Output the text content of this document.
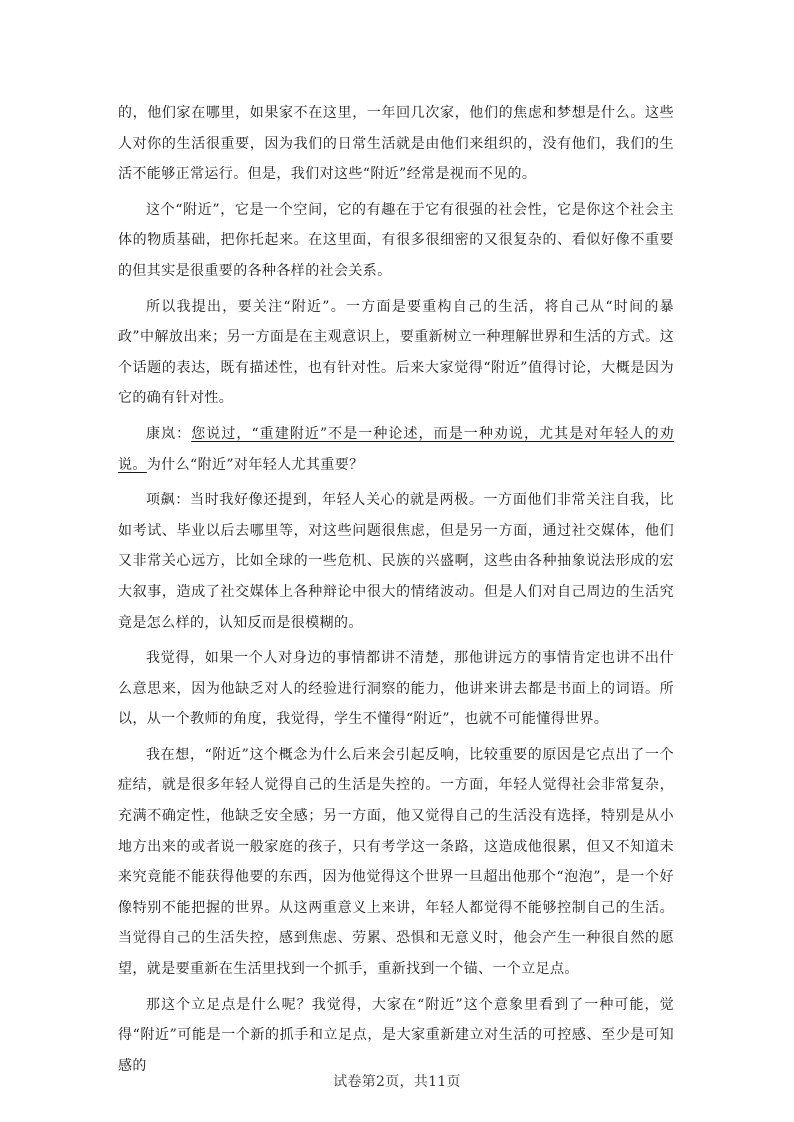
的，他们家在哪里，如果家不在这里，一年回几次家，他们的焦虑和梦想是什么。这些人对你的生活很重要，因为我们的日常生活就是由他们来组织的，没有他们，我们的生活不能够正常运行。但是，我们对这些“附近”经常是视而不见的。

这个“附近”，它是一个空间，它的有趣在于它有很强的社会性，它是你这个社会主体的物质基础，把你托起来。在这里面，有很多很细密的又很复杂的、看似好像不重要的但其实是很重要的各种各样的社会关系。

所以我提出，要关注“附近”。一方面是要重构自己的生活，将自己从“时间的暴政”中解放出来；另一方面是在主观意识上，要重新树立一种理解世界和生活的方式。这个话题的表达，既有描述性，也有针对性。后来大家觉得“附近”值得讨论，大概是因为它的确有针对性。

康岚：您说过，“重建附近”不是一种论述，而是一种劝说，尤其是对年轻人的劝说。为什么“附近”对年轻人尤其重要？

项飙：当时我好像还提到，年轻人关心的就是两极。一方面他们非常关注自我，比如考试、毕业以后去哪里等，对这些问题很焦虑，但是另一方面，通过社交媒体，他们又非常关心远方，比如全球的一些危机、民族的兴盛啊，这些由各种抽象说法形成的宏大叙事，造成了社交媒体上各种辩论中很大的情绪波动。但是人们对自己周边的生活究竟是怎么样的，认知反而是很模糊的。

我觉得，如果一个人对身边的事情都讲不清楚，那他讲远方的事情肯定也讲不出什么意思来，因为他缺乏对人的经验进行洞察的能力，他讲来讲去都是书面上的词语。所以，从一个教师的角度，我觉得，学生不懂得“附近”，也就不可能懂得世界。

我在想，“附近”这个概念为什么后来会引起反响，比较重要的原因是它点出了一个症结，就是很多年轻人觉得自己的生活是失控的。一方面，年轻人觉得社会非常复杂，充满不确定性，他缺乏安全感；另一方面，他又觉得自己的生活没有选择，特别是从小地方出来的或者说一般家庭的孩子，只有考学这一条路，这造成他很累，但又不知道未来究竟能不能获得他要的东西，因为他觉得这个世界一旦超出他那个“泡泡”，是一个好像特别不能把握的世界。从这两重意义上来讲，年轻人都觉得不能够控制自己的生活。当觉得自己的生活失控，感到焦虑、劳累、恐惧和无意义时，他会产生一种很自然的愿望，就是要重新在生活里找到一个抓手，重新找到一个锚、一个立足点。

那这个立足点是什么呢？我觉得，大家在“附近”这个意象里看到了一种可能，觉得“附近”可能是一个新的抓手和立足点，是大家重新建立对生活的可控感、至少是可知感的

试卷第2页，共11页
